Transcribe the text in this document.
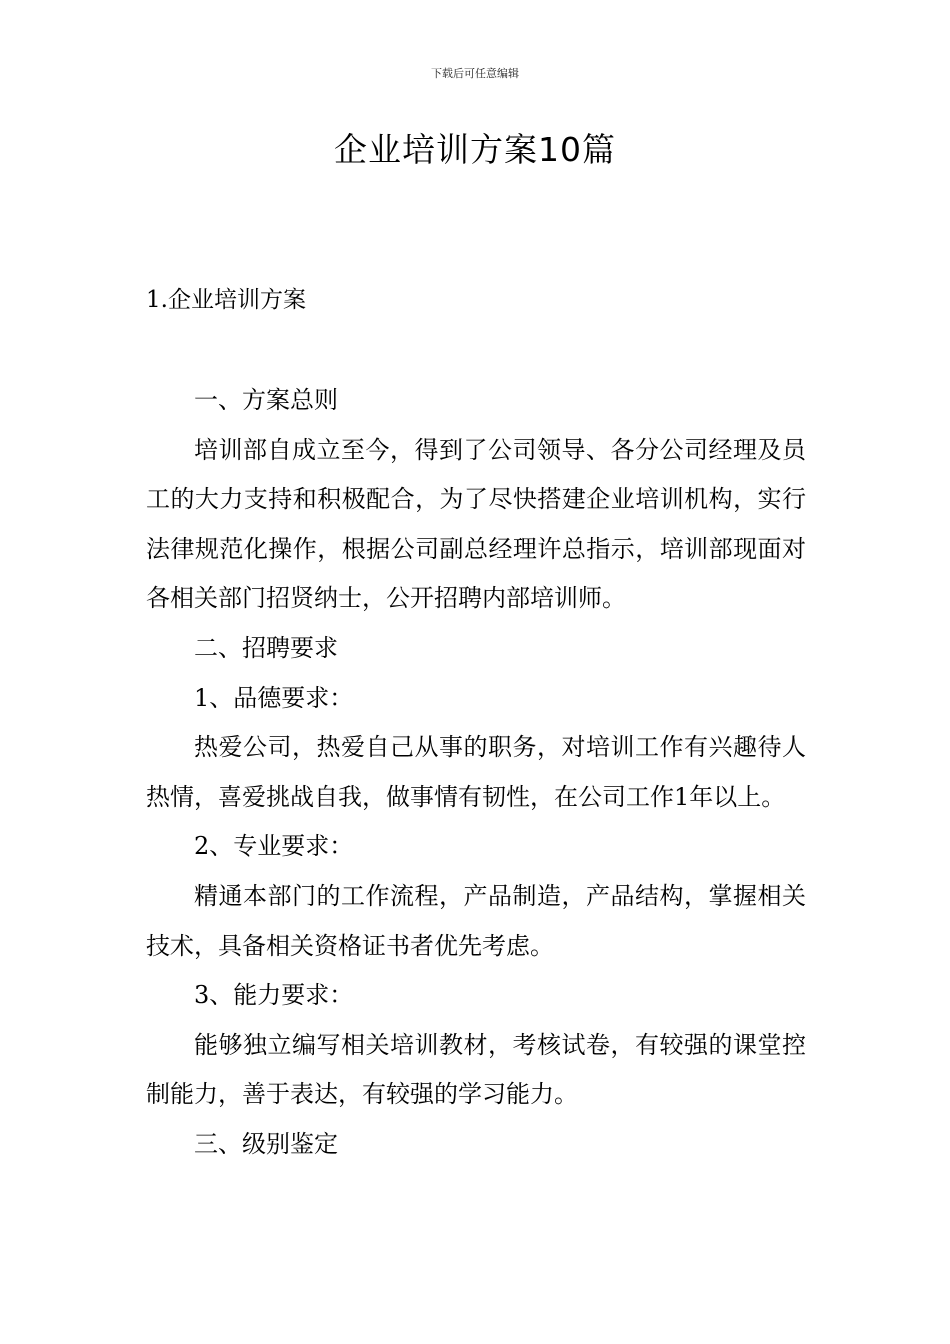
下载后可任意编辑
企业培训方案10篇
1.企业培训方案

一、方案总则

培训部自成立至今，得到了公司领导、各分公司经理及员工的大力支持和积极配合，为了尽快搭建企业培训机构，实行法律规范化操作，根据公司副总经理许总指示，培训部现面对各相关部门招贤纳士，公开招聘内部培训师。

二、招聘要求

1、品德要求：

热爱公司，热爱自己从事的职务，对培训工作有兴趣待人热情，喜爱挑战自我，做事情有韧性，在公司工作1年以上。

2、专业要求：

精通本部门的工作流程，产品制造，产品结构，掌握相关技术，具备相关资格证书者优先考虑。

3、能力要求：

能够独立编写相关培训教材，考核试卷，有较强的课堂控制能力，善于表达，有较强的学习能力。

三、级别鉴定
